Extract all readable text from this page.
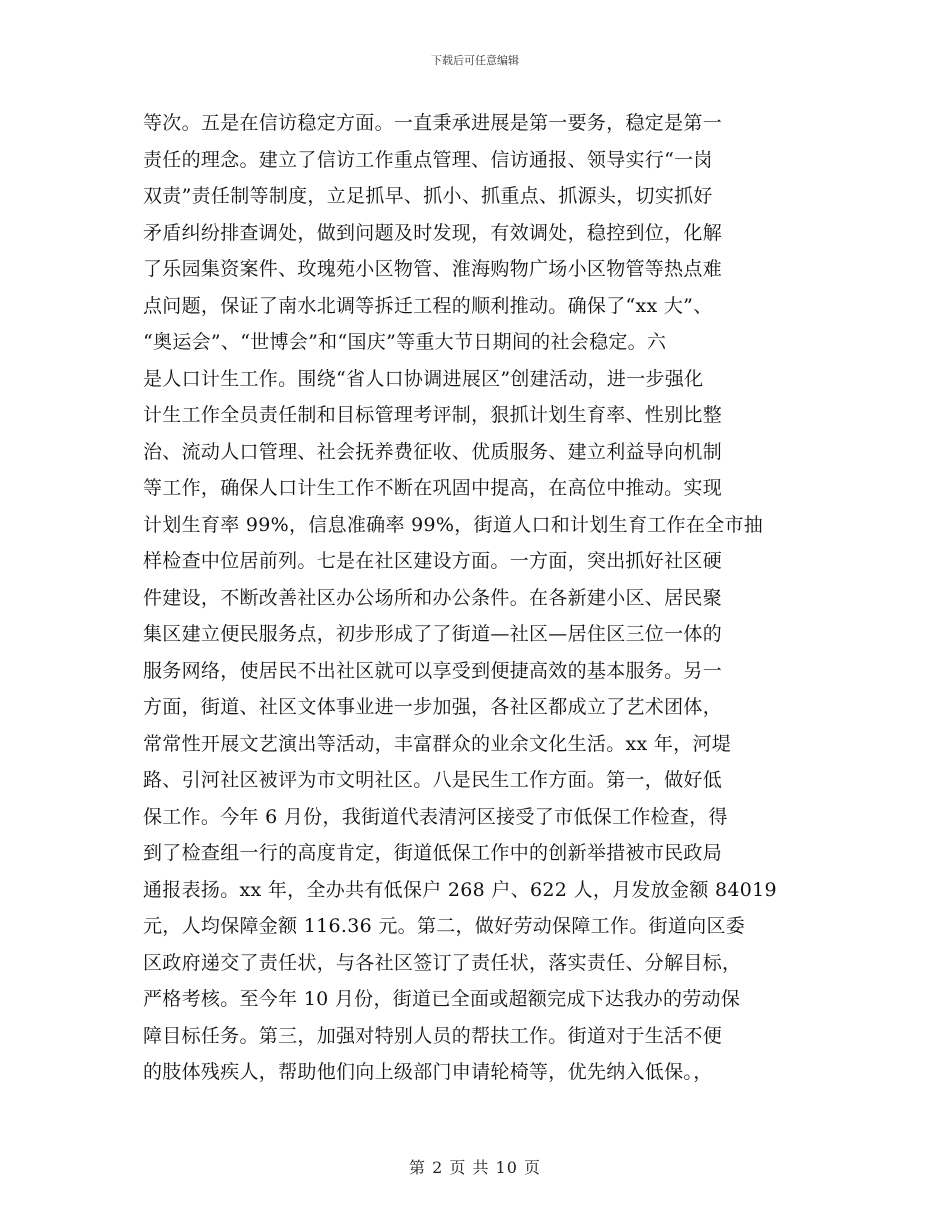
下载后可任意编辑
等次。五是在信访稳定方面。一直秉承进展是第一要务，稳定是第一
责任的理念。建立了信访工作重点管理、信访通报、领导实行“一岗
双责”责任制等制度，立足抓早、抓小、抓重点、抓源头，切实抓好
矛盾纠纷排查调处，做到问题及时发现，有效调处，稳控到位，化解
了乐园集资案件、玫瑰苑小区物管、淮海购物广场小区物管等热点难
点问题，保证了南水北调等拆迁工程的顺利推动。确保了“xx 大”、
“奥运会”、“世博会”和“国庆”等重大节日期间的社会稳定。六
是人口计生工作。围绕“省人口协调进展区”创建活动，进一步强化
计生工作全员责任制和目标管理考评制，狠抓计划生育率、性别比整
治、流动人口管理、社会抚养费征收、优质服务、建立利益导向机制
等工作，确保人口计生工作不断在巩固中提高，在高位中推动。实现
计划生育率 99%，信息准确率 99%，街道人口和计划生育工作在全市抽
样检查中位居前列。七是在社区建设方面。一方面，突出抓好社区硬
件建设，不断改善社区办公场所和办公条件。在各新建小区、居民聚
集区建立便民服务点，初步形成了了街道—社区—居住区三位一体的
服务网络，使居民不出社区就可以享受到便捷高效的基本服务。另一
方面，街道、社区文体事业进一步加强，各社区都成立了艺术团体，
常常性开展文艺演出等活动，丰富群众的业余文化生活。xx 年，河堤
路、引河社区被评为市文明社区。八是民生工作方面。第一，做好低
保工作。今年 6 月份，我街道代表清河区接受了市低保工作检查，得
到了检查组一行的高度肯定，街道低保工作中的创新举措被市民政局
通报表扬。xx 年，全办共有低保户 268 户、622 人，月发放金额 84019
元，人均保障金额 116.36 元。第二，做好劳动保障工作。街道向区委
区政府递交了责任状，与各社区签订了责任状，落实责任、分解目标，
严格考核。至今年 10 月份，街道已全面或超额完成下达我办的劳动保
障目标任务。第三，加强对特别人员的帮扶工作。街道对于生活不便
的肢体残疾人，帮助他们向上级部门申请轮椅等，优先纳入低保。，
第 2 页 共 10 页
